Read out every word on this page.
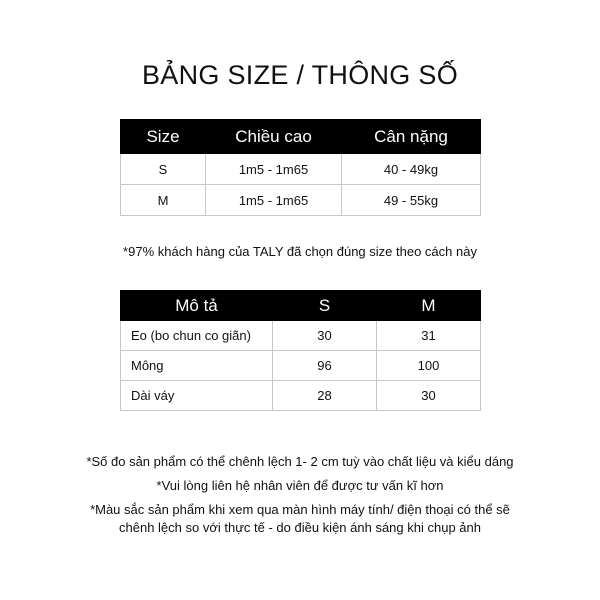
BẢNG SIZE / THÔNG SỐ
Size	Chiều cao	Cân nặng
S	1m5 - 1m65	40 - 49kg
M	1m5 - 1m65	49 - 55kg
*97% khách hàng của TALY đã chọn đúng size theo cách này
Mô tả	S	M
Eo (bo chun co giãn)	30	31
Mông	96	100
Dài váy	28	30
*Số đo sản phẩm có thể chênh lệch 1- 2 cm tuỳ vào chất liệu và kiểu dáng
*Vui lòng liên hệ nhân viên để được tư vấn kĩ hơn
*Màu sắc sản phẩm khi xem qua màn hình máy tính/ điện thoại có thể sẽ
chênh lệch so với thực tế - do điều kiện ánh sáng khi chụp ảnh
